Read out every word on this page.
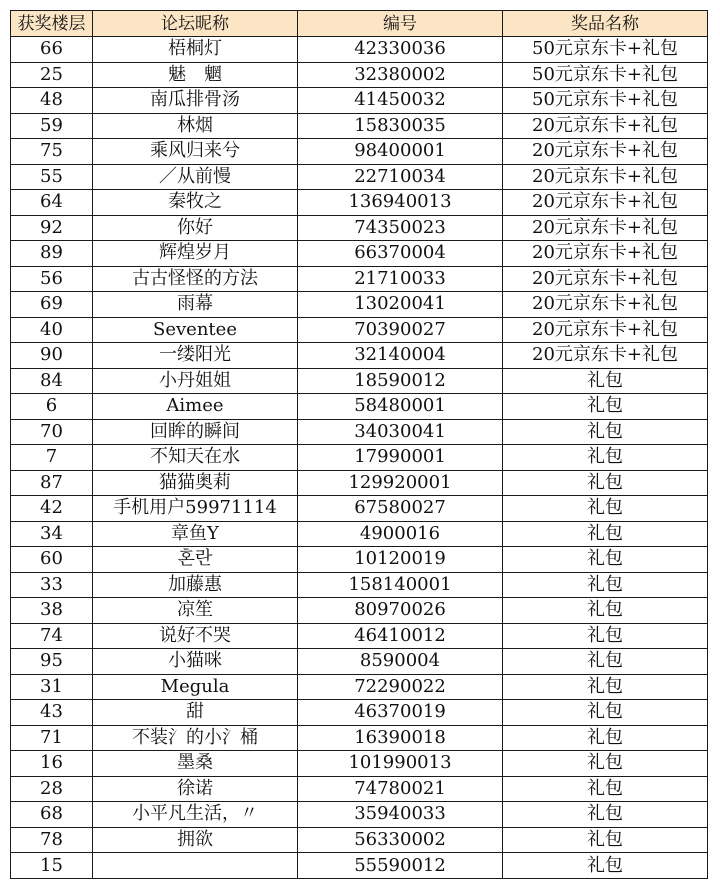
获奖楼层	论坛昵称	编号	奖品名称
66	梧桐灯	42330036	50元京东卡+礼包
25	魅　魍	32380002	50元京东卡+礼包
48	南瓜排骨汤	41450032	50元京东卡+礼包
59	林烟	15830035	20元京东卡+礼包
75	乘风归来兮	98400001	20元京东卡+礼包
55	／从前慢	22710034	20元京东卡+礼包
64	秦牧之	136940013	20元京东卡+礼包
92	你好	74350023	20元京东卡+礼包
89	辉煌岁月	66370004	20元京东卡+礼包
56	古古怪怪的方法	21710033	20元京东卡+礼包
69	雨幕	13020041	20元京东卡+礼包
40	Seventee	70390027	20元京东卡+礼包
90	一缕阳光	32140004	20元京东卡+礼包
84	小丹姐姐	18590012	礼包
6	Aimee	58480001	礼包
70	回眸的瞬间	34030041	礼包
7	不知天在水	17990001	礼包
87	猫猫奥莉	129920001	礼包
42	手机用户59971114	67580027	礼包
34	章鱼Y	4900016	礼包
60	혼란	10120019	礼包
33	加藤惠	158140001	礼包
38	凉笙	80970026	礼包
74	说好不哭	46410012	礼包
95	小猫咪	8590004	礼包
31	Megula	72290022	礼包
43	甜	46370019	礼包
71	不装氵的小氵桶	16390018	礼包
16	墨桑	101990013	礼包
28	徐诺	74780021	礼包
68	小平凡生活，〃	35940033	礼包
78	拥欲	56330002	礼包
15		55590012	礼包
